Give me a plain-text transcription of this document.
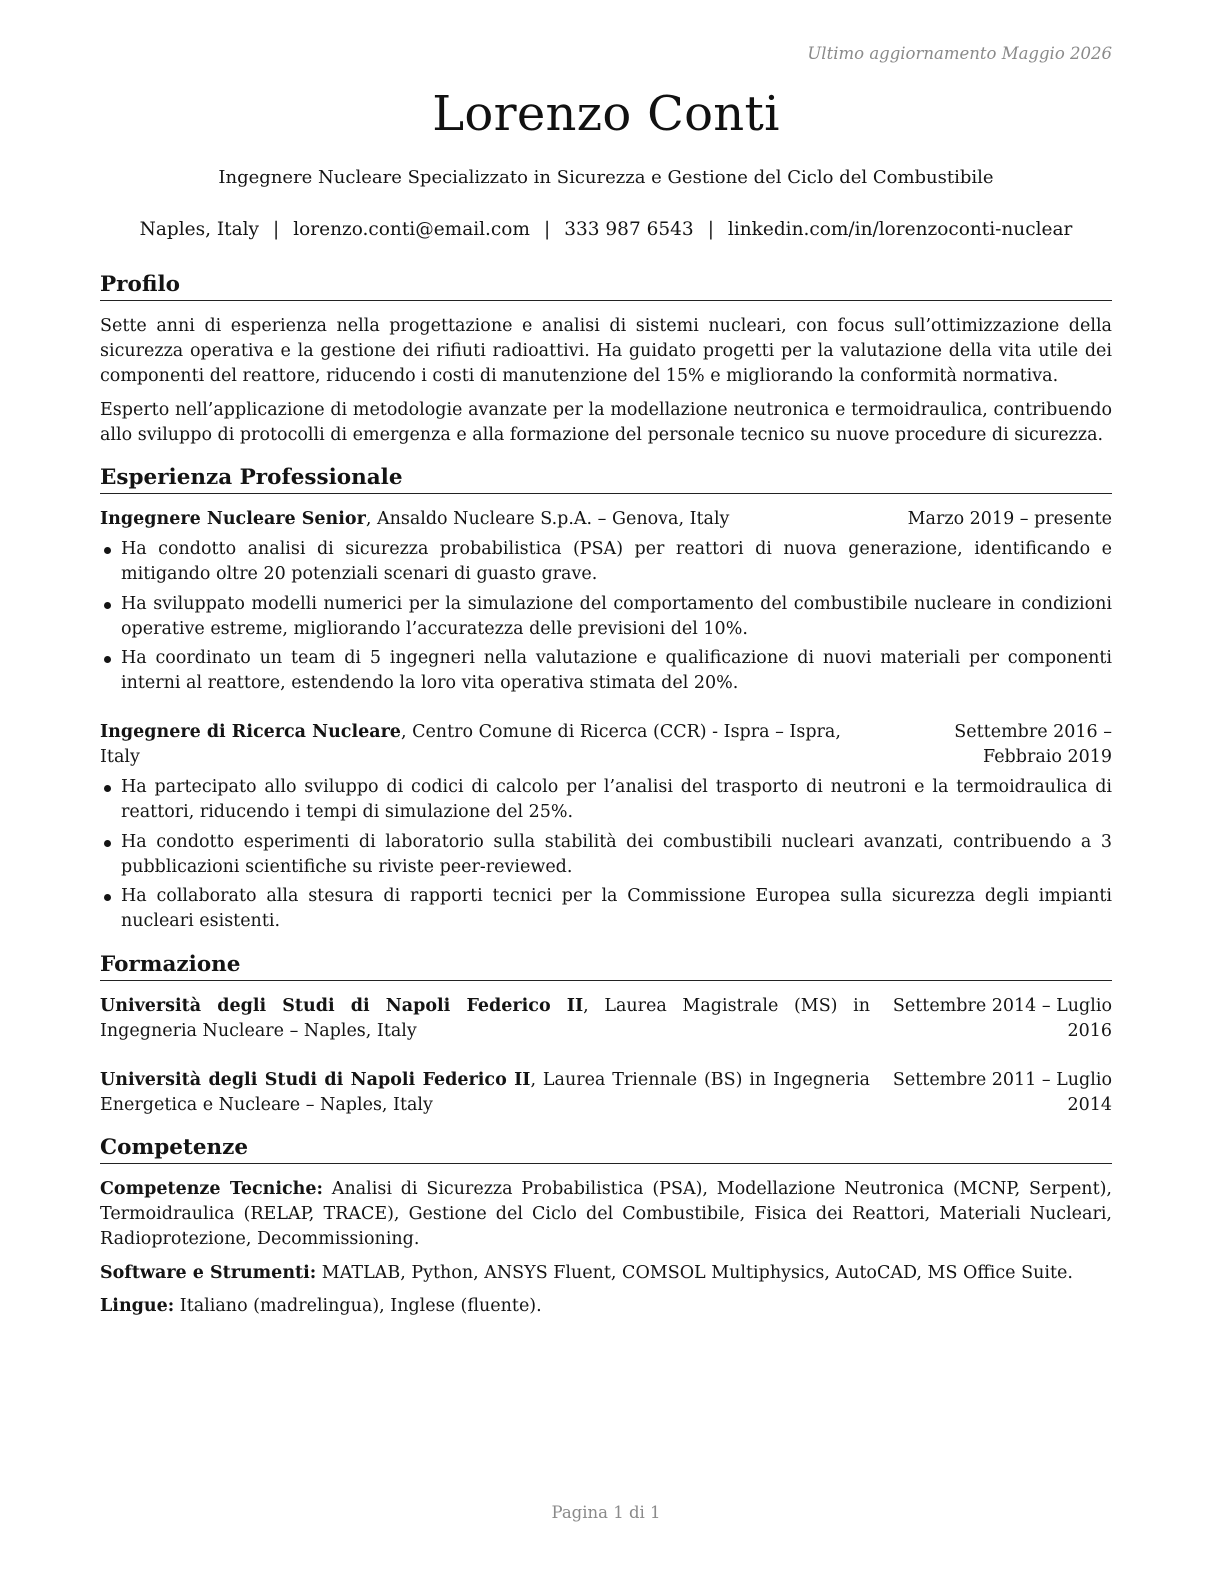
Ultimo aggiornamento Maggio 2026
Lorenzo Conti
Ingegnere Nucleare Specializzato in Sicurezza e Gestione del Ciclo del Combustibile
Naples, Italy | lorenzo.conti@email.com | 333 987 6543 | linkedin.com/in/lorenzoconti-nuclear
Profilo
Sette anni di esperienza nella progettazione e analisi di sistemi nucleari, con focus sull’ottimizzazione della sicurezza operativa e la gestione dei rifiuti radioattivi. Ha guidato progetti per la valutazione della vita utile dei componenti del reattore, riducendo i costi di manutenzione del 15% e migliorando la conformità normativa.
Esperto nell’applicazione di metodologie avanzate per la modellazione neutronica e termoidraulica, contribuendo allo sviluppo di protocolli di emergenza e alla formazione del personale tecnico su nuove procedure di sicurezza.
Esperienza Professionale
Ingegnere Nucleare Senior, Ansaldo Nucleare S.p.A. – Genova, Italy	Marzo 2019 – presente
Ha condotto analisi di sicurezza probabilistica (PSA) per reattori di nuova generazione, identificando e mitigando oltre 20 potenziali scenari di guasto grave.
Ha sviluppato modelli numerici per la simulazione del comportamento del combustibile nucleare in condizioni operative estreme, migliorando l’accuratezza delle previsioni del 10%.
Ha coordinato un team di 5 ingegneri nella valutazione e qualificazione di nuovi materiali per componenti interni al reattore, estendendo la loro vita operativa stimata del 20%.
Ingegnere di Ricerca Nucleare, Centro Comune di Ricerca (CCR) - Ispra – Ispra, Italy
Settembre 2016 – Febbraio 2019
Ha partecipato allo sviluppo di codici di calcolo per l’analisi del trasporto di neutroni e la termoidraulica di reattori, riducendo i tempi di simulazione del 25%.
Ha condotto esperimenti di laboratorio sulla stabilità dei combustibili nucleari avanzati, contribuendo a 3 pubblicazioni scientifiche su riviste peer-reviewed.
Ha collaborato alla stesura di rapporti tecnici per la Commissione Europea sulla sicurezza degli impianti nucleari esistenti.
Formazione
Università degli Studi di Napoli Federico II, Laurea Magistrale (MS) in Ingegneria Nucleare – Naples, Italy
Settembre 2014 – Luglio 2016
Università degli Studi di Napoli Federico II, Laurea Triennale (BS) in Ingegneria Energetica e Nucleare – Naples, Italy
Settembre 2011 – Luglio 2014
Competenze
Competenze Tecniche: Analisi di Sicurezza Probabilistica (PSA), Modellazione Neutronica (MCNP, Serpent), Termoidraulica (RELAP, TRACE), Gestione del Ciclo del Combustibile, Fisica dei Reattori, Materiali Nucleari, Radioprotezione, Decommissioning.
Software e Strumenti: MATLAB, Python, ANSYS Fluent, COMSOL Multiphysics, AutoCAD, MS Office Suite.
Lingue: Italiano (madrelingua), Inglese (fluente).
Pagina 1 di 1
